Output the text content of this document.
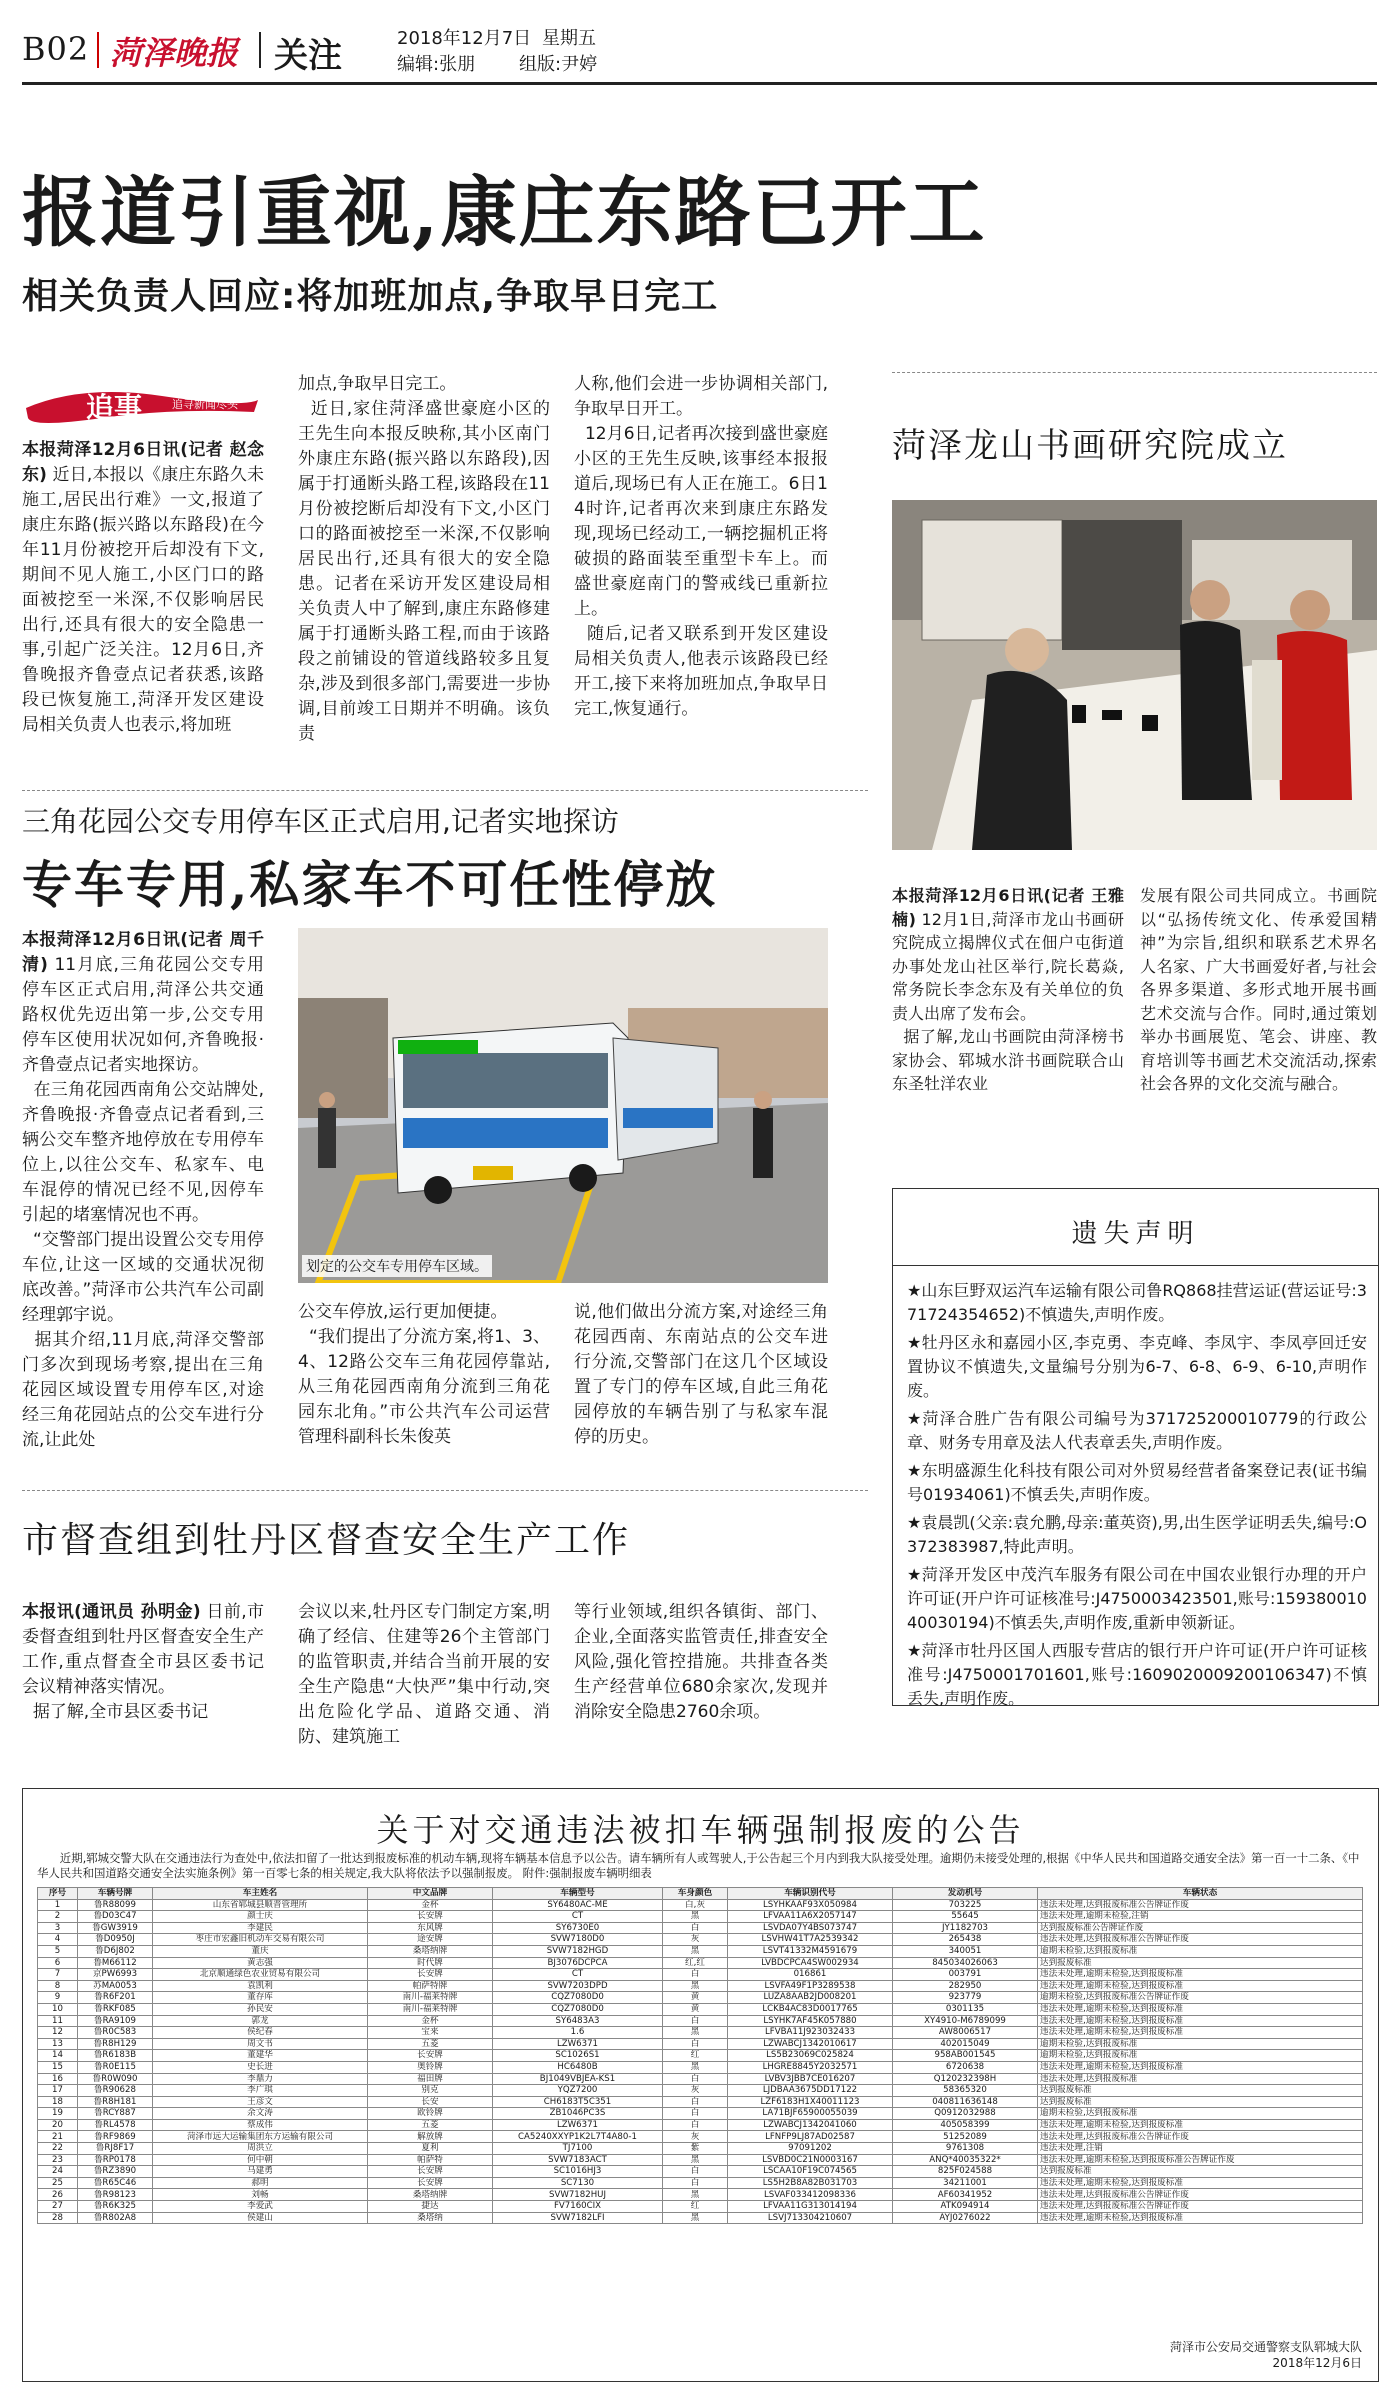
B02 菏泽晚报 关注	2018年12月7日 星期五
编辑:张朋 组版:尹婷
报道引重视,康庄东路已开工
相关负责人回应:将加班加点,争取早日完工
追事	追寻新闻尽头
本报菏泽12月6日讯(记者 赵念东) 近日,本报以《康庄东路久未施工,居民出行难》一文,报道了康庄东路(振兴路以东路段)在今年11月份被挖开后却没有下文,期间不见人施工,小区门口的路面被挖至一米深,不仅影响居民出行,还具有很大的安全隐患一事,引起广泛关注。12月6日,齐鲁晚报齐鲁壹点记者获悉,该路段已恢复施工,菏泽开发区建设局相关负责人也表示,将加班
加点,争取早日完工。
近日,家住菏泽盛世豪庭小区的王先生向本报反映称,其小区南门外康庄东路(振兴路以东路段),因属于打通断头路工程,该路段在11月份被挖断后却没有下文,小区门口的路面被挖至一米深,不仅影响居民出行,还具有很大的安全隐患。记者在采访开发区建设局相关负责人中了解到,康庄东路修建属于打通断头路工程,而由于该路段之前铺设的管道线路较多且复杂,涉及到很多部门,需要进一步协调,目前竣工日期并不明确。该负责
人称,他们会进一步协调相关部门,争取早日开工。
12月6日,记者再次接到盛世豪庭小区的王先生反映,该事经本报报道后,现场已有人正在施工。6日14时许,记者再次来到康庄东路发现,现场已经动工,一辆挖掘机正将破损的路面装至重型卡车上。而盛世豪庭南门的警戒线已重新拉上。
随后,记者又联系到开发区建设局相关负责人,他表示该路段已经开工,接下来将加班加点,争取早日完工,恢复通行。
菏泽龙山书画研究院成立
本报菏泽12月6日讯(记者 王雅楠) 12月1日,菏泽市龙山书画研究院成立揭牌仪式在佃户屯街道办事处龙山社区举行,院长葛焱,常务院长李念东及有关单位的负责人出席了发布会。
据了解,龙山书画院由菏泽榜书家协会、郓城水浒书画院联合山东圣牡洋农业
发展有限公司共同成立。书画院以“弘扬传统文化、传承爱国精神”为宗旨,组织和联系艺术界名人名家、广大书画爱好者,与社会各界多渠道、多形式地开展书画艺术交流与合作。同时,通过策划举办书画展览、笔会、讲座、教育培训等书画艺术交流活动,探索社会各界的文化交流与融合。
三角花园公交专用停车区正式启用,记者实地探访
专车专用,私家车不可任性停放
本报菏泽12月6日讯(记者 周千清) 11月底,三角花园公交专用停车区正式启用,菏泽公共交通路权优先迈出第一步,公交专用停车区使用状况如何,齐鲁晚报·齐鲁壹点记者实地探访。
在三角花园西南角公交站牌处,齐鲁晚报·齐鲁壹点记者看到,三辆公交车整齐地停放在专用停车位上,以往公交车、私家车、电车混停的情况已经不见,因停车引起的堵塞情况也不再。
“交警部门提出设置公交专用停车位,让这一区域的交通状况彻底改善。”菏泽市公共汽车公司副经理郭宇说。
据其介绍,11月底,菏泽交警部门多次到现场考察,提出在三角花园区域设置专用停车区,对途经三角花园站点的公交车进行分流,让此处
划定的公交车专用停车区域。
公交车停放,运行更加便捷。
“我们提出了分流方案,将1、3、4、12路公交车三角花园停靠站,从三角花园西南角分流到三角花园东北角。”市公共汽车公司运营管理科副科长朱俊英
说,他们做出分流方案,对途经三角花园西南、东南站点的公交车进行分流,交警部门在这几个区域设置了专门的停车区域,自此三角花园停放的车辆告别了与私家车混停的历史。
遗失声明
★山东巨野双运汽车运输有限公司鲁RQ868挂营运证(营运证号:371724354652)不慎遗失,声明作废。
★牡丹区永和嘉园小区,李克勇、李克峰、李凤宇、李凤亭回迁安置协议不慎遗失,文量编号分别为6-7、6-8、6-9、6-10,声明作废。
★菏泽合胜广告有限公司编号为371725200010779的行政公章、财务专用章及法人代表章丢失,声明作废。
★东明盛源生化科技有限公司对外贸易经营者备案登记表(证书编号01934061)不慎丢失,声明作废。
★袁晨凯(父亲:袁允鹏,母亲:董英资),男,出生医学证明丢失,编号:O372383987,特此声明。
★菏泽开发区中茂汽车服务有限公司在中国农业银行办理的开户许可证(开户许可证核准号:J4750003423501,账号:15938001040030194)不慎丢失,声明作废,重新申领新证。
★菏泽市牡丹区国人西服专营店的银行开户许可证(开户许可证核准号:J4750001701601,账号:1609020009200106347)不慎丢失,声明作废。
市督查组到牡丹区督查安全生产工作
本报讯(通讯员 孙明金) 日前,市委督查组到牡丹区督查安全生产工作,重点督查全市县区委书记会议精神落实情况。
据了解,全市县区委书记
会议以来,牡丹区专门制定方案,明确了经信、住建等26个主管部门的监管职责,并结合当前开展的安全生产隐患“大快严”集中行动,突出危险化学品、道路交通、消防、建筑施工
等行业领域,组织各镇街、部门、企业,全面落实监管责任,排查安全风险,强化管控措施。共排查各类生产经营单位680余家次,发现并消除安全隐患2760余项。
关于对交通违法被扣车辆强制报废的公告
近期,郓城交警大队在交通违法行为查处中,依法扣留了一批达到报废标准的机动车辆,现将车辆基本信息予以公告。请车辆所有人或驾驶人,于公告起三个月内到我大队接受处理。逾期仍未接受处理的,根据《中华人民共和国道路交通安全法》第一百一十二条、《中华人民共和国道路交通安全法实施条例》第一百零七条的相关规定,我大队将依法予以强制报废。 附件:强制报废车辆明细表
序号	车辆号牌	车主姓名	中文品牌	车辆型号	车身颜色	车辆识别代号	发动机号	车辆状态
1	鲁R88099	山东省郓城县顺晋管理所	金杯	SY6480AC-ME	白,灰	LSYHKAAF93X050984	703225	违法未处理,达到报废标准公告牌证作废
2	鲁D03C47	颜士庆	长安牌	CT	黑	LFVAA11A6X2057147	55645	违法未处理,逾期未检验,注销
3	鲁GW3919	李建民	东风牌	SY6730E0	白	LSVDA07Y4BS073747	JY1182703	达到报废标准公告牌证作废
4	鲁D0950J	枣庄市宏鑫旧机动车交易有限公司	途安牌	SVW7180D0	灰	LSVHW41T7A2539342	265438	违法未处理,达到报废标准公告牌证作废
5	鲁D6J802	董庆	桑塔纳牌	SVW7182HGD	黑	LSVT41332M4591679	340051	逾期未检验,达到报废标准
6	鲁M66112	黄志强	时代牌	BJ3076DCPCA	红,红	LVBDCPCA4SW002934	845034026063	达到报废标准
7	京PW6993	北京顺通绿色农业贸易有限公司	长安牌	CT	白	016861	003791	违法未处理,逾期未检验,达到报废标准
8	苏MA0053	袁凯利	帕萨特牌	SVW7203DPD	黑	LSVFA49F1P3289538	282950	违法未处理,逾期未检验,达到报废标准
9	鲁R6F201	董存库	南川-福莱特牌	CQZ7080D0	黄	LUZA8AAB2JD008201	923779	逾期未检验,达到报废标准公告牌证作废
10	鲁RKF085	孙民安	南川-福莱特牌	CQZ7080D0	黄	LCKB4AC83D0017765	0301135	违法未处理,逾期未检验,达到报废标准
11	鲁RA9109	郭龙	金杯	SY6483A3	白	LSYHK7AF45K057880	XY4910-M6789099	违法未处理,逾期未检验,达到报废标准
12	鲁R0C583	侯纪春	宝来	1.6	黑	LFVBA11J923032433	AW8006517	违法未处理,逾期未检验,达到报废标准
13	鲁R8H129	周文书	五菱	LZW6371	白	LZWABCJ1342010617	402015049	逾期未检验,达到报废标准
14	鲁R6183B	董建华	长安牌	SC1026S1	红	LS5B23069C025824	958AB001545	逾期未检验,达到报废标准
15	鲁R0E115	史长进	奥铃牌	HC6480B	黑	LHGRE8845Y2032571	6720638	违法未处理,逾期未检验,达到报废标准
16	鲁R0W090	李鼎力	福田牌	BJ1049VBJEA-KS1	白	LVBV3JBB7CE016207	Q120232398H	违法未处理,达到报废标准
17	鲁R90628	李广琪	别克	YQZ7200	灰	LJDBAA3675DD17122	58365320	达到报废标准
18	鲁R8H181	王彦文	长安	CH6183T5C351	白	LZF6183H1X40011123	040811636148	达到报废标准
19	鲁RCY887	余文涛	欧铃牌	ZB1046PC3S	白	LA71BJF65900055039	Q0912032988	逾期未检验,达到报废标准
20	鲁RL4578	蔡成伟	五菱	LZW6371	白	LZWABCJ1342041060	405058399	违法未处理,逾期未检验,达到报废标准
21	鲁RF9869	菏泽市远大运输集团东方运输有限公司	解放牌	CA5240XXYP1K2L7T4A80-1	灰	LFNFP9LJ87AD02587	51252089	违法未处理,达到报废标准公告牌证作废
22	鲁RJ8F17	周洪立	夏利	TJ7100	紫	97091202	9761308	违法未处理,注销
23	鲁RP0178	何中朝	帕萨特	SVW7183ACT	黑	LSVBD0C21N0003167	ANQ*40035322*	违法未处理,逾期未检验,达到报废标准公告牌证作废
24	鲁RZ3890	马建勇	长安牌	SC1016HJ3	白	LSCAA10F19C074565	825F024588	达到报废标准
25	鲁R65C46	郝明	长安牌	SC7130	白	LS5H2B8A82B031703	34211001	违法未处理,逾期未检验,达到报废标准
26	鲁R98123	刘畅	桑塔纳牌	SVW7182HUJ	黑	LSVAF033412098336	AF60341952	违法未处理,达到报废标准公告牌证作废
27	鲁R6K325	李爱武	捷达	FV7160CIX	红	LFVAA11G313014194	ATK094914	违法未处理,达到报废标准公告牌证作废
28	鲁R802A8	侯建山	桑塔纳	SVW7182LFI	黑	LSVJ713304210607	AYJ0276022	违法未处理,逾期未检验,达到报废标准
菏泽市公安局交通警察支队郓城大队
2018年12月6日
